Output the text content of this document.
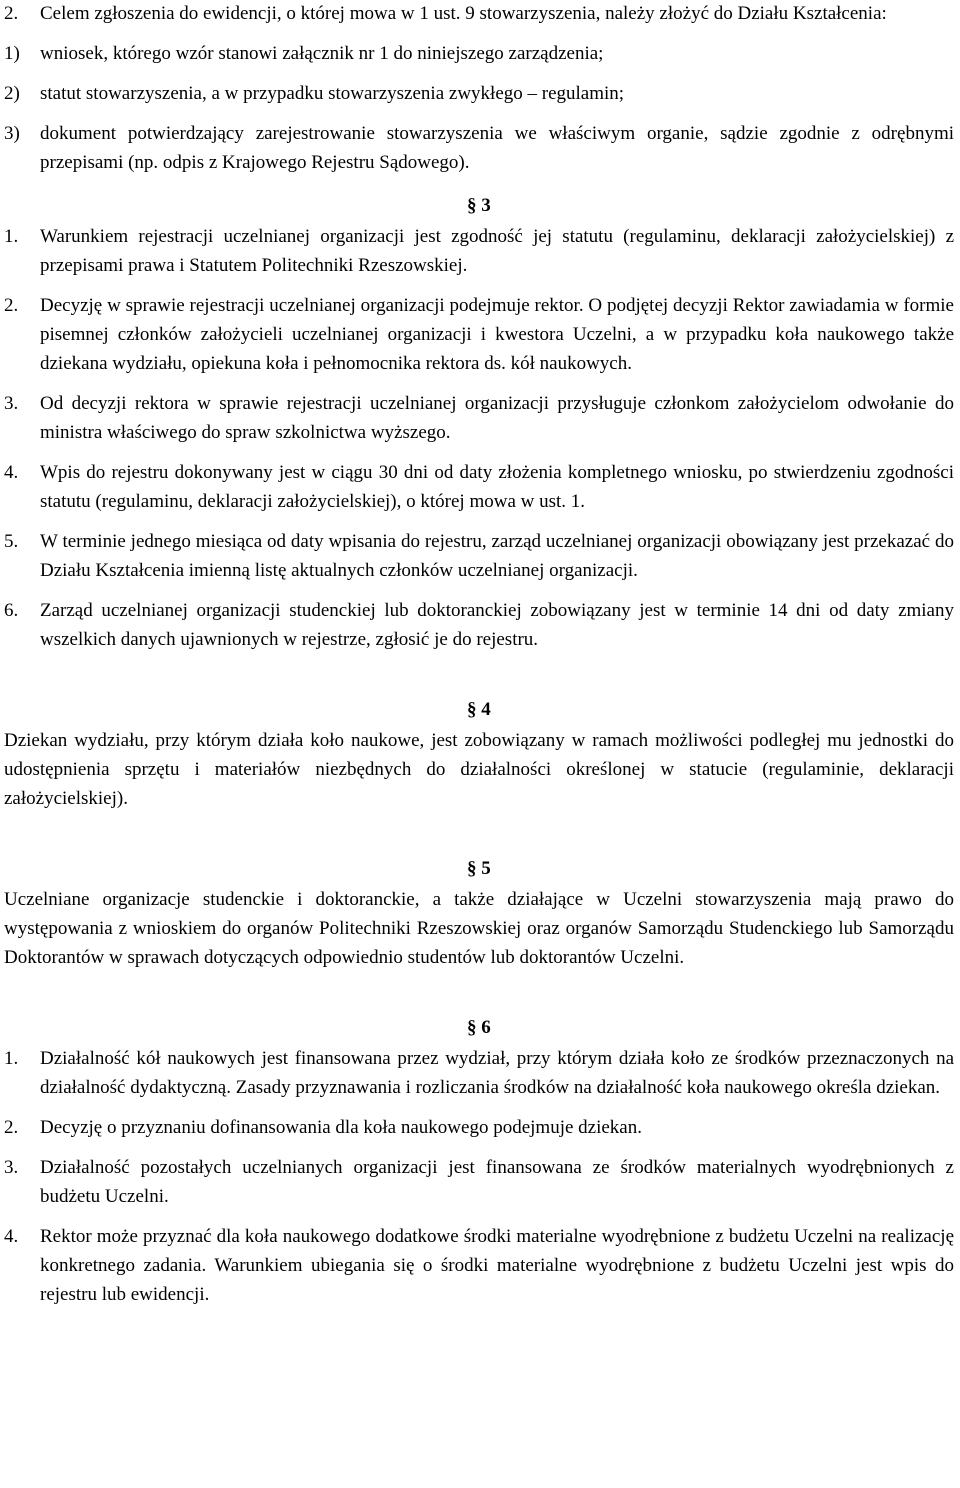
2.	Celem zgłoszenia do ewidencji, o której mowa w 1 ust. 9 stowarzyszenia, należy złożyć do Działu Kształcenia:
1)	wniosek, którego wzór stanowi załącznik nr 1 do niniejszego zarządzenia;
2)	statut stowarzyszenia, a w przypadku stowarzyszenia zwykłego – regulamin;
3)	dokument potwierdzający zarejestrowanie stowarzyszenia we właściwym organie, sądzie zgodnie z odrębnymi przepisami (np. odpis z Krajowego Rejestru Sądowego).
§ 3
1.	Warunkiem rejestracji uczelnianej organizacji jest zgodność jej statutu (regulaminu, deklaracji założycielskiej) z przepisami prawa i Statutem Politechniki Rzeszowskiej.
2.	Decyzję w sprawie rejestracji uczelnianej organizacji podejmuje rektor. O podjętej decyzji Rektor zawiadamia w formie pisemnej członków założycieli uczelnianej organizacji i kwestora Uczelni, a w przypadku koła naukowego także dziekana wydziału, opiekuna koła i pełnomocnika rektora ds. kół naukowych.
3.	Od decyzji rektora w sprawie rejestracji uczelnianej organizacji przysługuje członkom założycielom odwołanie do ministra właściwego do spraw szkolnictwa wyższego.
4.	Wpis do rejestru dokonywany jest w ciągu 30 dni od daty złożenia kompletnego wniosku, po stwierdzeniu zgodności statutu (regulaminu, deklaracji założycielskiej), o której mowa w ust. 1.
5.	W terminie jednego miesiąca od daty wpisania do rejestru, zarząd uczelnianej organizacji obowiązany jest przekazać do Działu Kształcenia imienną listę aktualnych członków uczelnianej organizacji.
6.	Zarząd uczelnianej organizacji studenckiej lub doktoranckiej zobowiązany jest w terminie 14 dni od daty zmiany wszelkich danych ujawnionych w rejestrze, zgłosić je do rejestru.
§ 4
Dziekan wydziału, przy którym działa koło naukowe, jest zobowiązany w ramach możliwości podległej mu jednostki do udostępnienia sprzętu i materiałów niezbędnych do działalności określonej w statucie (regulaminie, deklaracji założycielskiej).
§ 5
Uczelniane organizacje studenckie i doktoranckie, a także działające w Uczelni stowarzyszenia mają prawo do występowania z wnioskiem do organów Politechniki Rzeszowskiej oraz organów Samorządu Studenckiego lub Samorządu Doktorantów w sprawach dotyczących odpowiednio studentów lub doktorantów Uczelni.
§ 6
1.	Działalność kół naukowych jest finansowana przez wydział, przy którym działa koło ze środków przeznaczonych na działalność dydaktyczną. Zasady przyznawania i rozliczania środków na działalność koła naukowego określa dziekan.
2.	Decyzję o przyznaniu dofinansowania dla koła naukowego podejmuje dziekan.
3.	Działalność pozostałych uczelnianych organizacji jest finansowana ze środków materialnych wyodrębnionych z budżetu Uczelni.
4.	Rektor może przyznać dla koła naukowego dodatkowe środki materialne wyodrębnione z budżetu Uczelni na realizację konkretnego zadania. Warunkiem ubiegania się o środki materialne wyodrębnione z budżetu Uczelni jest wpis do rejestru lub ewidencji.
